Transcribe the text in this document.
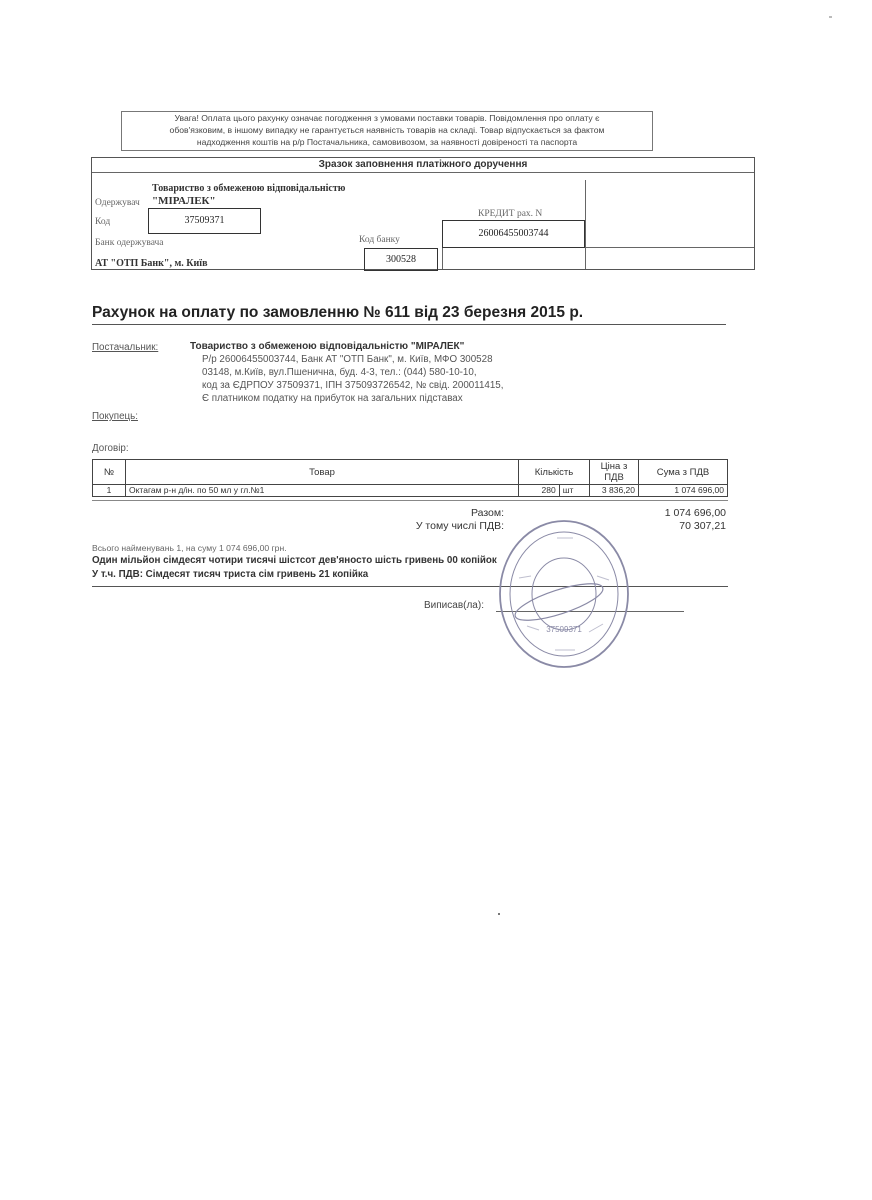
Увага! Оплата цього рахунку означає погодження з умовами поставки товарів. Повідомлення про оплату є
обов'язковим, в іншому випадку не гарантується наявність товарів на складі. Товар відпускається за фактом
надходження коштів на р/р Постачальника, самовивозом, за наявності довіреності та паспорта
Зразок заповнення платіжного доручення
Товариство з обмеженою відповідальністю
Одержувач "МІРАЛЕК"
Код	37509371
КРЕДИТ рах. N
26006455003744
Банк одержувача	Код банку
АТ "ОТП Банк", м. Київ	300528
Рахунок на оплату по замовленню № 611 від 23 березня 2015 р.
Постачальник:	Товариство з обмеженою відповідальністю "МІРАЛЕК"
Р/р 26006455003744, Банк АТ "ОТП Банк", м. Київ, МФО 300528
03148, м.Київ, вул.Пшенична, буд. 4-3, тел.: (044) 580-10-10,
код за ЄДРПОУ 37509371, ІПН 375093726542, № свід. 200011415,
Є платником податку на прибуток на загальних підставах
Покупець:
Договір:
№	Товар	Кількість		Ціна з ПДВ	Сума з ПДВ
1	Октагам р-н д/ін. по 50 мл у гл.№1	280	шт	3 836,20	1 074 696,00
Разом:	1 074 696,00
У тому числі ПДВ:	70 307,21
Всього найменувань 1, на суму 1 074 696,00 грн.
Один мільйон сімдесят чотири тисячі шістсот дев'яносто шість гривень 00 копійок
У т.ч. ПДВ: Сімдесят тисяч триста сім гривень 21 копійка
Виписав(ла):
37509371
